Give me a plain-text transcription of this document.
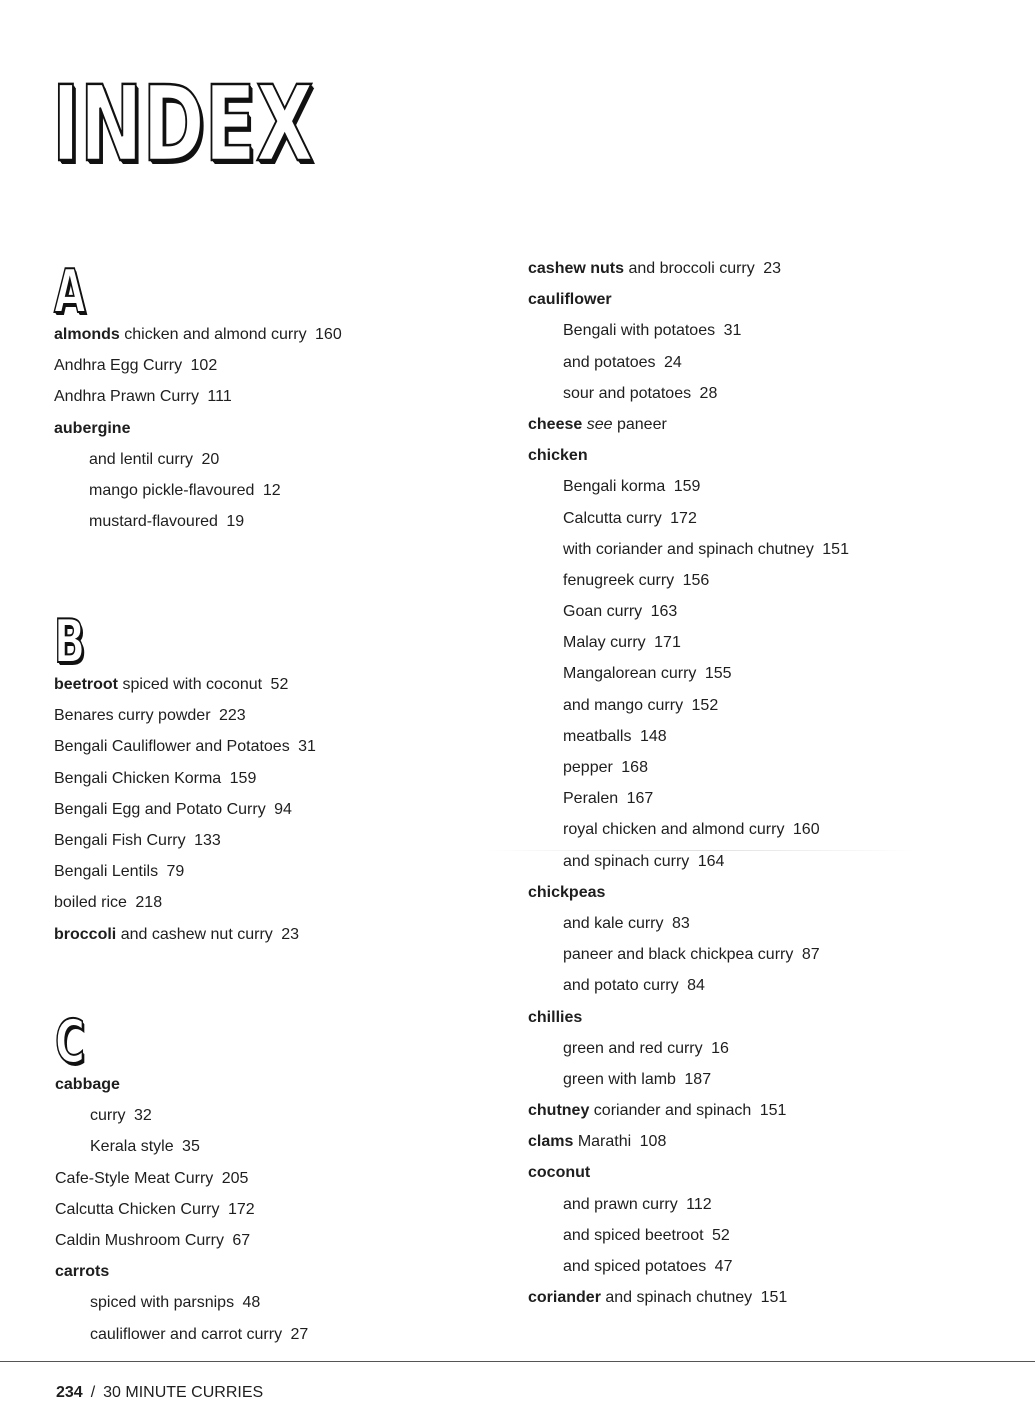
INDEX
A
almonds chicken and almond curry 160
Andhra Egg Curry 102
Andhra Prawn Curry 111
aubergine
and lentil curry 20
mango pickle-flavoured 12
mustard-flavoured 19
B
beetroot spiced with coconut 52
Benares curry powder 223
Bengali Cauliflower and Potatoes 31
Bengali Chicken Korma 159
Bengali Egg and Potato Curry 94
Bengali Fish Curry 133
Bengali Lentils 79
boiled rice 218
broccoli and cashew nut curry 23
C
cabbage
curry 32
Kerala style 35
Cafe-Style Meat Curry 205
Calcutta Chicken Curry 172
Caldin Mushroom Curry 67
carrots
spiced with parsnips 48
cauliflower and carrot curry 27
cashew nuts and broccoli curry 23
cauliflower
Bengali with potatoes 31
and potatoes 24
sour and potatoes 28
cheese see paneer
chicken
Bengali korma 159
Calcutta curry 172
with coriander and spinach chutney 151
fenugreek curry 156
Goan curry 163
Malay curry 171
Mangalorean curry 155
and mango curry 152
meatballs 148
pepper 168
Peralen 167
royal chicken and almond curry 160
and spinach curry 164
chickpeas
and kale curry 83
paneer and black chickpea curry 87
and potato curry 84
chillies
green and red curry 16
green with lamb 187
chutney coriander and spinach 151
clams Marathi 108
coconut
and prawn curry 112
and spiced beetroot 52
and spiced potatoes 47
coriander and spinach chutney 151
234 / 30 MINUTE CURRIES
